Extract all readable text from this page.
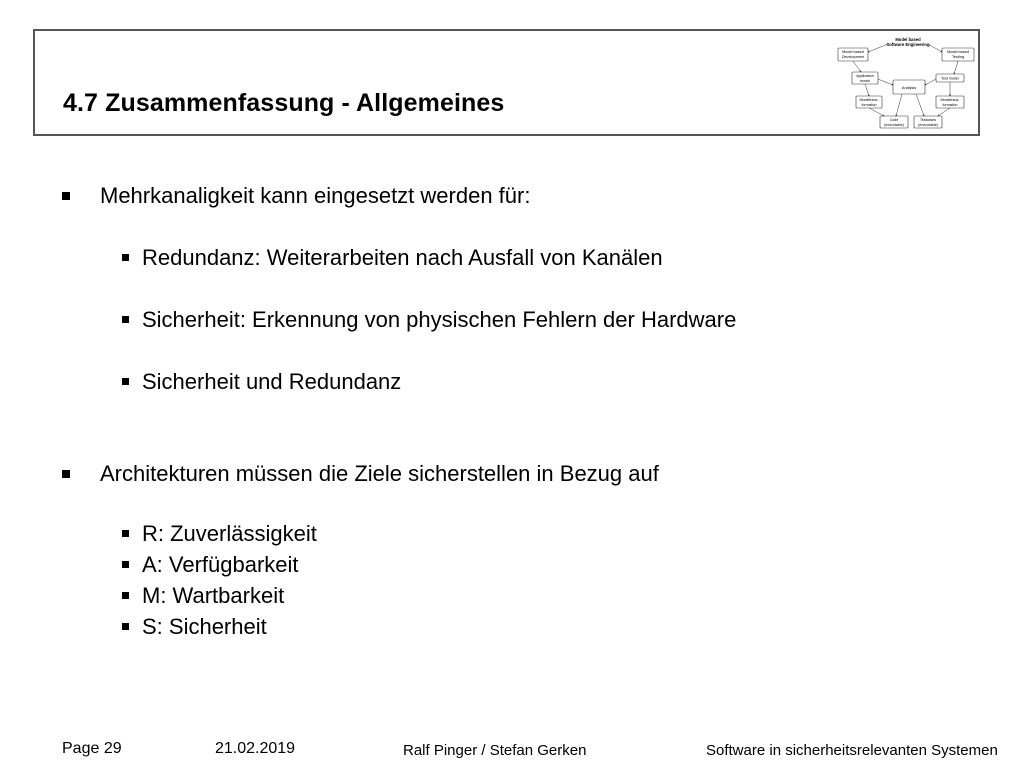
4.7 Zusammenfassung - Allgemeines
Model based
Software Engineering
Model based
Development
Model based
Testing
Application
model
Test model
Analysis
Modeltrans-
formation
Modeltrans-
formation
Code
(executable)
Testcases
(executable)
Mehrkanaligkeit kann eingesetzt werden für:
Redundanz: Weiterarbeiten nach Ausfall von Kanälen
Sicherheit: Erkennung von physischen Fehlern der Hardware
Sicherheit und Redundanz
Architekturen müssen die Ziele sicherstellen in Bezug auf
R: Zuverlässigkeit
A: Verfügbarkeit
M: Wartbarkeit
S: Sicherheit
Page 29	21.02.2019	Ralf Pinger / Stefan Gerken	Software in sicherheitsrelevanten Systemen
